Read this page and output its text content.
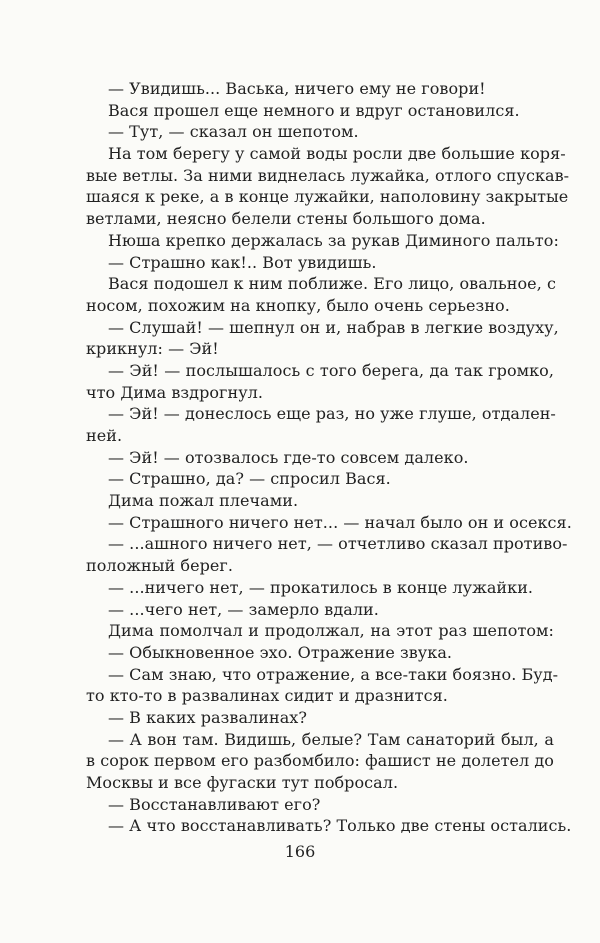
— Увидишь... Васька, ничего ему не говори!
Вася прошел еще немного и вдруг остановился.
— Тут, — сказал он шепотом.
На том берегу у самой воды росли две большие коря-
вые ветлы. За ними виднелась лужайка, отлого спускав-
шаяся к реке, а в конце лужайки, наполовину закрытые
ветлами, неясно белели стены большого дома.
Нюша крепко держалась за рукав Диминого пальто:
— Страшно как!.. Вот увидишь.
Вася подошел к ним поближе. Его лицо, овальное, с
носом, похожим на кнопку, было очень серьезно.
— Слушай! — шепнул он и, набрав в легкие воздуху,
крикнул: — Эй!
— Эй! — послышалось с того берега, да так громко,
что Дима вздрогнул.
— Эй! — донеслось еще раз, но уже глуше, отдален-
ней.
— Эй! — отозвалось где-то совсем далеко.
— Страшно, да? — спросил Вася.
Дима пожал плечами.
— Страшного ничего нет... — начал было он и осекся.
— ...ашного ничего нет, — отчетливо сказал противо-
положный берег.
— ...ничего нет, — прокатилось в конце лужайки.
— ...чего нет, — замерло вдали.
Дима помолчал и продолжал, на этот раз шепотом:
— Обыкновенное эхо. Отражение звука.
— Сам знаю, что отражение, а все-таки боязно. Буд-
то кто-то в развалинах сидит и дразнится.
— В каких развалинах?
— А вон там. Видишь, белые? Там санаторий был, а
в сорок первом его разбомбило: фашист не долетел до
Москвы и все фугаски тут побросал.
— Восстанавливают его?
— А что восстанавливать? Только две стены остались.
166
